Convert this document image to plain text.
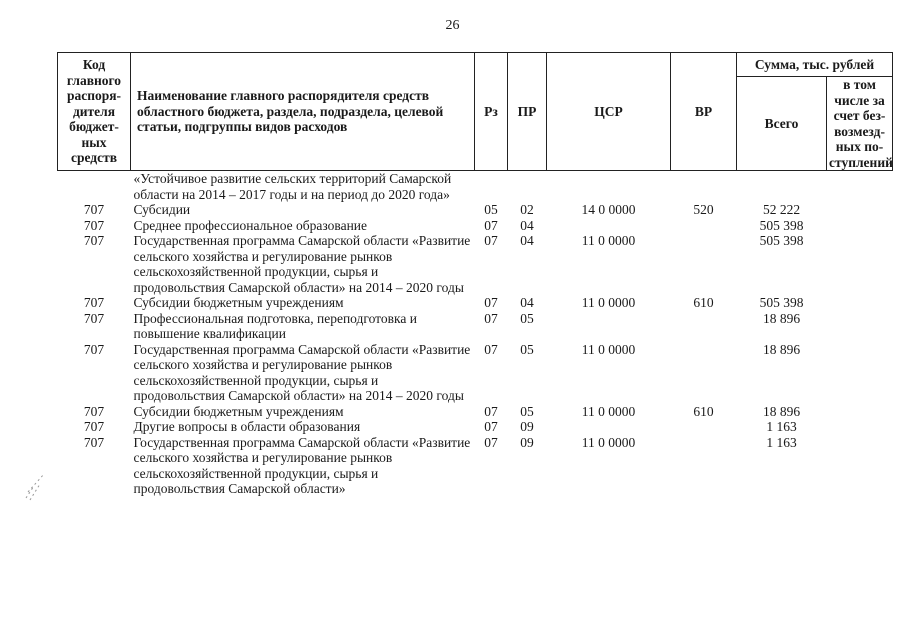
26
Код главного распоря-дителя бюджет-ных средств	Наименование главного распорядителя средств областного бюджета, раздела, подраздела, целевой статьи, подгруппы видов расходов	Рз	ПР	ЦСР	ВР	Сумма, тыс. рублей	
						Всего	в том числе за счет без-возмезд-ных по-ступлений
	«Устойчивое развитие сельских территорий Самарской области на 2014 – 2017 годы и на период до 2020 года»						
707	Субсидии	05	02	14 0 0000	520	52 222	
707	Среднее профессиональное образование	07	04			505 398	
707	Государственная программа Самарской области «Развитие сельского хозяйства и регулирование рынков сельскохозяйственной продукции, сырья и продовольствия Самарской области» на 2014 – 2020 годы	07	04	11 0 0000		505 398	
707	Субсидии бюджетным учреждениям	07	04	11 0 0000	610	505 398	
707	Профессиональная подготовка, переподготовка и повышение квалификации	07	05			18 896	
707	Государственная программа Самарской области «Развитие сельского хозяйства и регулирование рынков сельскохозяйственной продукции, сырья и продовольствия Самарской области» на 2014 – 2020 годы	07	05	11 0 0000		18 896	
707	Субсидии бюджетным учреждениям	07	05	11 0 0000	610	18 896	
707	Другие вопросы в области образования	07	09			1 163	
707	Государственная программа Самарской области «Развитие сельского хозяйства и регулирование рынков сельскохозяйственной продукции, сырья и продовольствия Самарской области»	07	09	11 0 0000		1 163	
